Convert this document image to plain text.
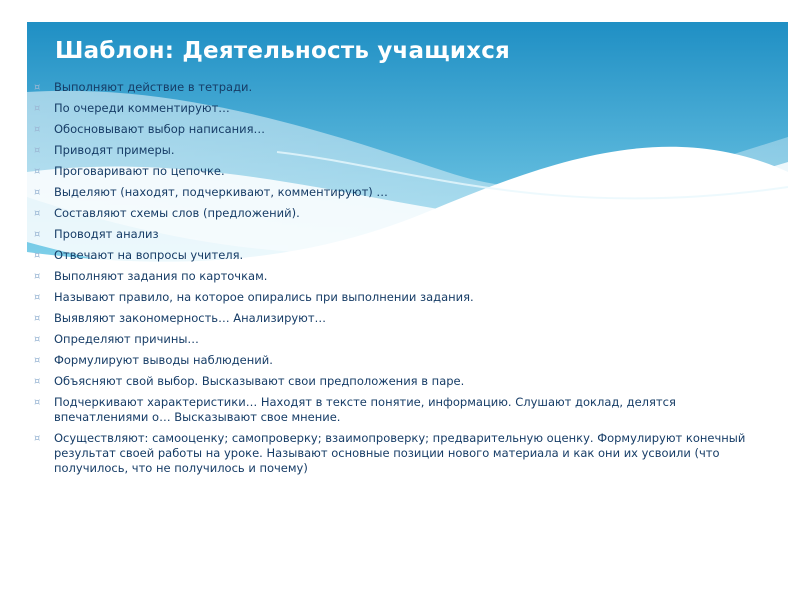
Шаблон: Деятельность учащихся
¤ Выполняют действие в тетради.
¤ По очереди комментируют…
¤ Обосновывают выбор написания…
¤ Приводят примеры.
¤ Проговаривают по цепочке.
¤ Выделяют (находят, подчеркивают, комментируют) …
¤ Составляют схемы слов (предложений).
¤ Проводят анализ
¤ Отвечают на вопросы учителя.
¤ Выполняют задания по карточкам.
¤ Называют правило, на которое опирались при выполнении задания.
¤ Выявляют закономерность… Анализируют…
¤ Определяют причины…
¤ Формулируют выводы наблюдений.
¤ Объясняют свой выбор. Высказывают свои предположения в паре.
¤ Подчеркивают характеристики… Находят в тексте понятие, информацию. Слушают доклад, делятся впечатлениями о… Высказывают свое мнение.
¤ Осуществляют: самооценку; самопроверку; взаимопроверку; предварительную оценку. Формулируют конечный результат своей работы на уроке. Называют основные позиции нового материала и как они их усвоили (что получилось, что не получилось и почему)
